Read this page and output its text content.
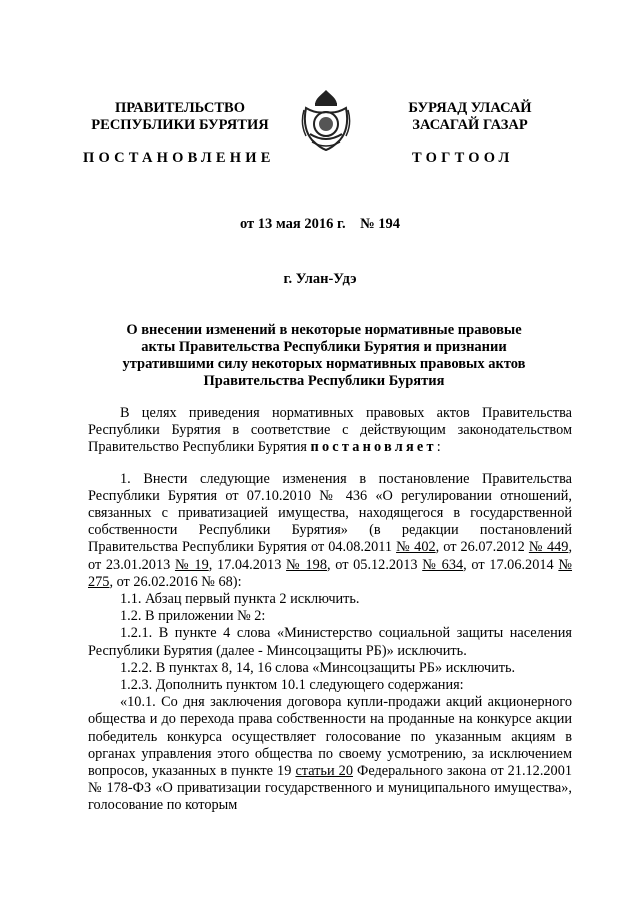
ПРАВИТЕЛЬСТВО
РЕСПУБЛИКИ БУРЯТИЯ
БУРЯАД УЛАСАЙ
ЗАСАГАЙ ГАЗАР
ПОСТАНОВЛЕНИЕ	ТОГТООЛ
от 13 мая 2016 г.    № 194
г. Улан-Удэ
О внесении изменений в некоторые нормативные правовые акты Правительства Республики Бурятия и признании утратившими силу некоторых нормативных правовых актов Правительства Республики Бурятия

В целях приведения нормативных правовых актов Правительства Республики Бурятия в соответствие с действующим законодательством Правительство Республики Бурятия постановляет:

1. Внести следующие изменения в постановление Правительства Республики Бурятия от 07.10.2010 № 436 «О регулировании отношений, связанных с приватизацией имущества, находящегося в государственной собственности Республики Бурятия» (в редакции постановлений Правительства Республики Бурятия от 04.08.2011 № 402, от 26.07.2012 № 449, от 23.01.2013 № 19, 17.04.2013 № 198, от 05.12.2013 № 634, от 17.06.2014 № 275, от 26.02.2016 № 68):

1.1. Абзац первый пункта 2 исключить.

1.2. В приложении № 2:

1.2.1. В пункте 4 слова «Министерство социальной защиты населения Республики Бурятия (далее - Минсоцзащиты РБ)» исключить.

1.2.2. В пунктах 8, 14, 16 слова «Минсоцзащиты РБ» исключить.

1.2.3. Дополнить пунктом 10.1 следующего содержания:

«10.1. Со дня заключения договора купли-продажи акций акционерного общества и до перехода права собственности на проданные на конкурсе акции победитель конкурса осуществляет голосование по указанным акциям в органах управления этого общества по своему усмотрению, за исключением вопросов, указанных в пункте 19 статьи 20 Федерального закона от 21.12.2001 № 178-ФЗ «О приватизации государственного и муниципального имущества», голосование по которым
